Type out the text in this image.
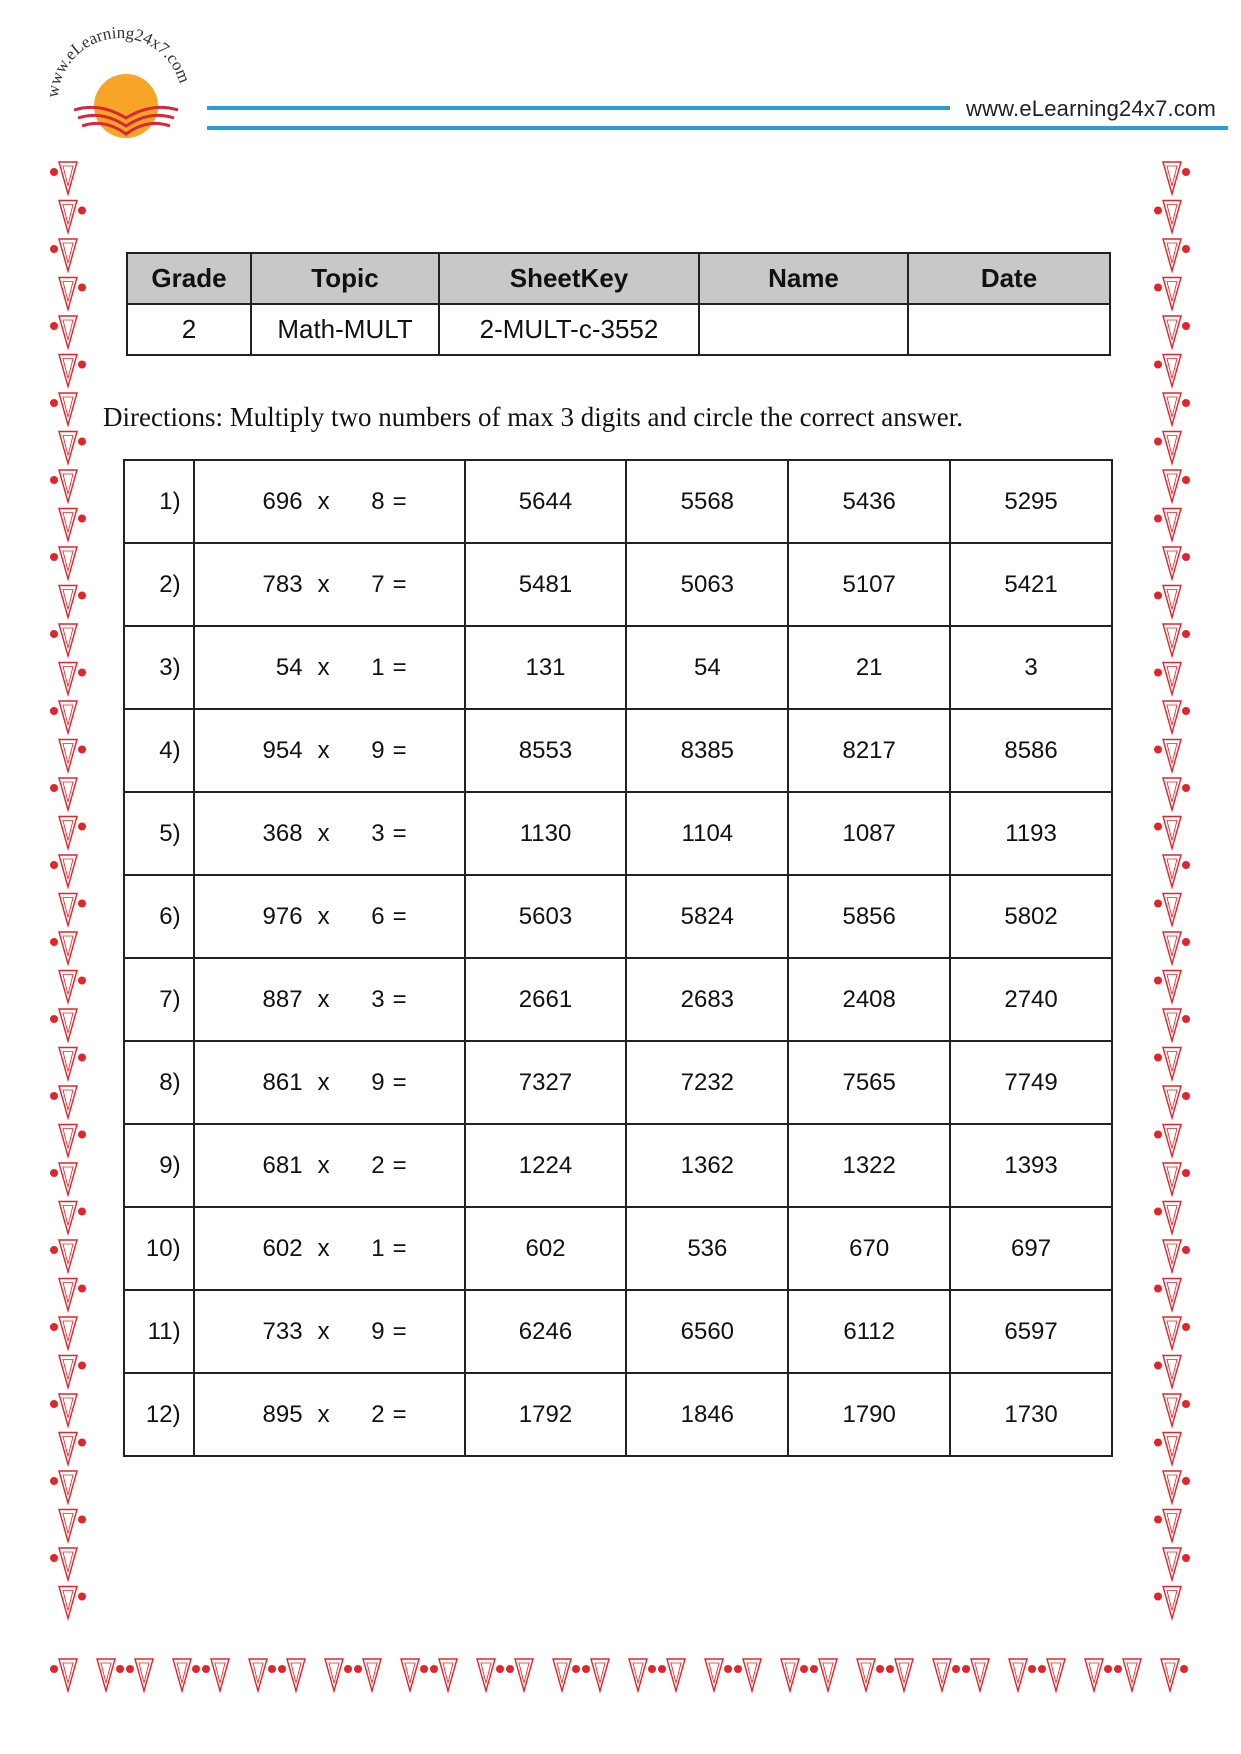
www.eLearning24x7.com
www.eLearning24x7.com
Grade	Topic	SheetKey	Name	Date
2	Math-MULT	2-MULT-c-3552		
Directions: Multiply two numbers of max 3 digits and circle the correct answer.
1)	696 x 8 =	5644	5568	5436	5295
2)	783 x 7 =	5481	5063	5107	5421
3)	54 x 1 =	131	54	21	3
4)	954 x 9 =	8553	8385	8217	8586
5)	368 x 3 =	1130	1104	1087	1193
6)	976 x 6 =	5603	5824	5856	5802
7)	887 x 3 =	2661	2683	2408	2740
8)	861 x 9 =	7327	7232	7565	7749
9)	681 x 2 =	1224	1362	1322	1393
10)	602 x 1 =	602	536	670	697
11)	733 x 9 =	6246	6560	6112	6597
12)	895 x 2 =	1792	1846	1790	1730
